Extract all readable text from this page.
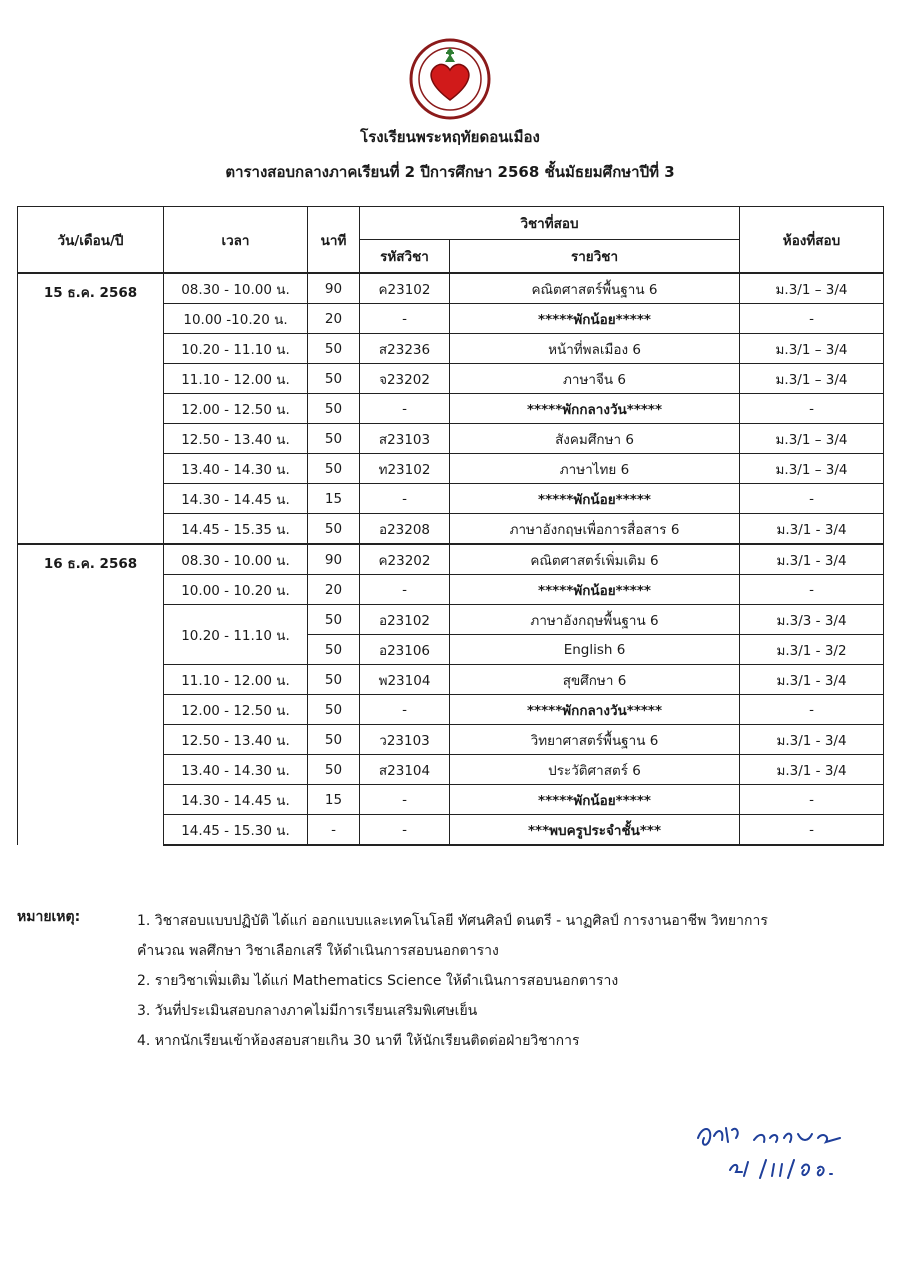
โรงเรียนพระหฤทัยดอนเมือง
ตารางสอบกลางภาคเรียนที่ 2 ปีการศึกษา 2568 ชั้นมัธยมศึกษาปีที่ 3
วัน/เดือน/ปี	เวลา	นาที	วิชาที่สอบ		ห้องที่สอบ
			รหัสวิชา	รายวิชา	
15 ธ.ค. 2568	08.30 - 10.00 น.	90	ค23102	คณิตศาสตร์พื้นฐาน 6	ม.3/1 – 3/4
	10.00 -10.20 น.	20	-	*****พักน้อย*****	-
	10.20 - 11.10 น.	50	ส23236	หน้าที่พลเมือง 6	ม.3/1 – 3/4
	11.10 - 12.00 น.	50	จ23202	ภาษาจีน 6	ม.3/1 – 3/4
	12.00 - 12.50 น.	50	-	*****พักกลางวัน*****	-
	12.50 - 13.40 น.	50	ส23103	สังคมศึกษา 6	ม.3/1 – 3/4
	13.40 - 14.30 น.	50	ท23102	ภาษาไทย 6	ม.3/1 – 3/4
	14.30 - 14.45 น.	15	-	*****พักน้อย*****	-
	14.45 - 15.35 น.	50	อ23208	ภาษาอังกฤษเพื่อการสื่อสาร 6	ม.3/1 - 3/4
16 ธ.ค. 2568	08.30 - 10.00 น.	90	ค23202	คณิตศาสตร์เพิ่มเติม 6	ม.3/1 - 3/4
	10.00 - 10.20 น.	20	-	*****พักน้อย*****	-
	10.20 - 11.10 น.	50	อ23102	ภาษาอังกฤษพื้นฐาน 6	ม.3/3 - 3/4
		50	อ23106	English 6	ม.3/1 - 3/2
	11.10 - 12.00 น.	50	พ23104	สุขศึกษา 6	ม.3/1 - 3/4
	12.00 - 12.50 น.	50	-	*****พักกลางวัน*****	-
	12.50 - 13.40 น.	50	ว23103	วิทยาศาสตร์พื้นฐาน 6	ม.3/1 - 3/4
	13.40 - 14.30 น.	50	ส23104	ประวัติศาสตร์ 6	ม.3/1 - 3/4
	14.30 - 14.45 น.	15	-	*****พักน้อย*****	-
	14.45 - 15.30 น.	-	-	***พบครูประจำชั้น***	-
หมายเหตุ:	1. วิชาสอบแบบปฏิบัติ ได้แก่ ออกแบบและเทคโนโลยี ทัศนศิลป์ ดนตรี - นาฏศิลป์ การงานอาชีพ วิทยาการ
คำนวณ พลศึกษา วิชาเลือกเสรี ให้ดำเนินการสอบนอกตาราง
2. รายวิชาเพิ่มเติม ได้แก่ Mathematics Science ให้ดำเนินการสอบนอกตาราง
3. วันที่ประเมินสอบกลางภาคไม่มีการเรียนเสริมพิเศษเย็น
4. หากนักเรียนเข้าห้องสอบสายเกิน 30 นาที ให้นักเรียนติดต่อฝ่ายวิชาการ
